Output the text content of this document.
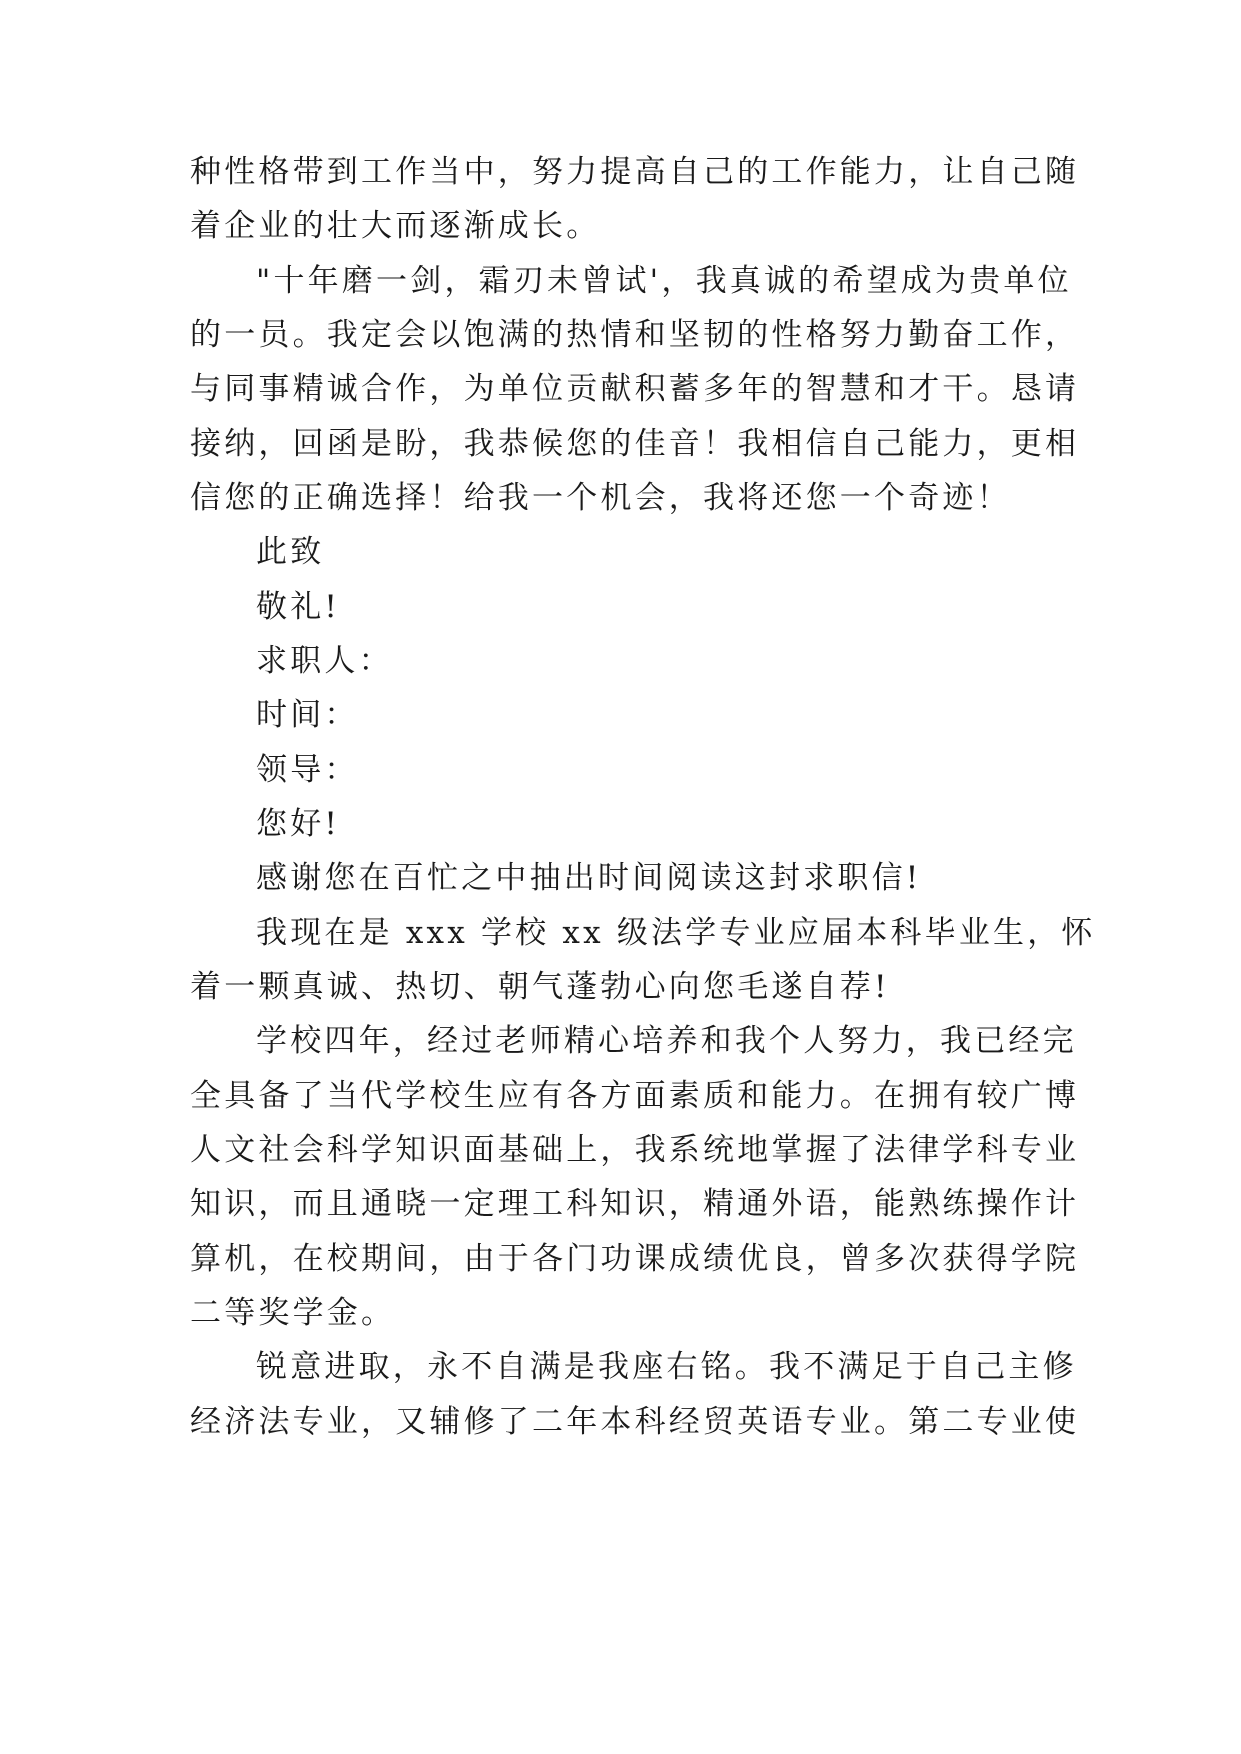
种性格带到工作当中，努力提高自己的工作能力，让自己随
着企业的壮大而逐渐成长。
"十年磨一剑，霜刃未曾试'，我真诚的希望成为贵单位
的一员。我定会以饱满的热情和坚韧的性格努力勤奋工作，
与同事精诚合作，为单位贡献积蓄多年的智慧和才干。恳请
接纳，回函是盼，我恭候您的佳音！我相信自己能力，更相
信您的正确选择！给我一个机会，我将还您一个奇迹！
此致
敬礼!
求职人：
时间：
领导：
您好!
感谢您在百忙之中抽出时间阅读这封求职信!
我现在是 xxx 学校 xx 级法学专业应届本科毕业生，怀
着一颗真诚、热切、朝气蓬勃心向您毛遂自荐!
学校四年，经过老师精心培养和我个人努力，我已经完
全具备了当代学校生应有各方面素质和能力。在拥有较广博
人文社会科学知识面基础上，我系统地掌握了法律学科专业
知识，而且通晓一定理工科知识，精通外语，能熟练操作计
算机，在校期间，由于各门功课成绩优良，曾多次获得学院
二等奖学金。
锐意进取，永不自满是我座右铭。我不满足于自己主修
经济法专业，又辅修了二年本科经贸英语专业。第二专业使
